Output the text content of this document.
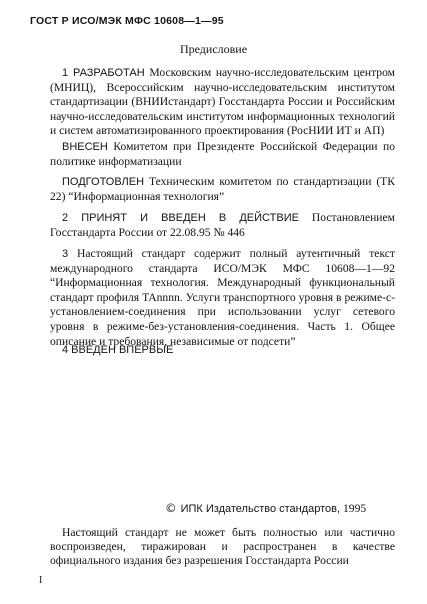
ГОСТ Р ИСО/МЭК МФС 10608—1—95
Предисловие
1 РАЗРАБОТАН Московским научно-исследовательским центром (МНИЦ), Всероссийским научно-исследовательским институтом стандартизации (ВНИИстандарт) Госстандарта России и Российским научно-исследовательским институтом информационных технологий и систем автоматизированного проектирования (РосНИИ ИТ и АП)
ВНЕСЕН Комитетом при Президенте Российской Федерации по политике информатизации
ПОДГОТОВЛЕН Техническим комитетом по стандартизации (ТК 22) “Информационная технология”
2 ПРИНЯТ И ВВЕДЕН В ДЕЙСТВИЕ Постановлением Госстандарта России от 22.08.95 № 446
3 Настоящий стандарт содержит полный аутентичный текст международного стандарта ИСО/МЭК МФС 10608—1—92 “Информационная технология. Международный функциональный стандарт профиля TAnnnn. Услуги транспортного уровня в режиме-с-установлением-соединения при использовании услуг сетевого уровня в режиме-без-установления-соединения. Часть 1. Общее описание и требования, независимые от подсети”
4 ВВЕДЕН ВПЕРВЫЕ
© ИПК Издательство стандартов, 1995
Настоящий стандарт не может быть полностью или частично воспроизведен, тиражирован и распространен в качестве официального издания без разрешения Госстандарта России
I
